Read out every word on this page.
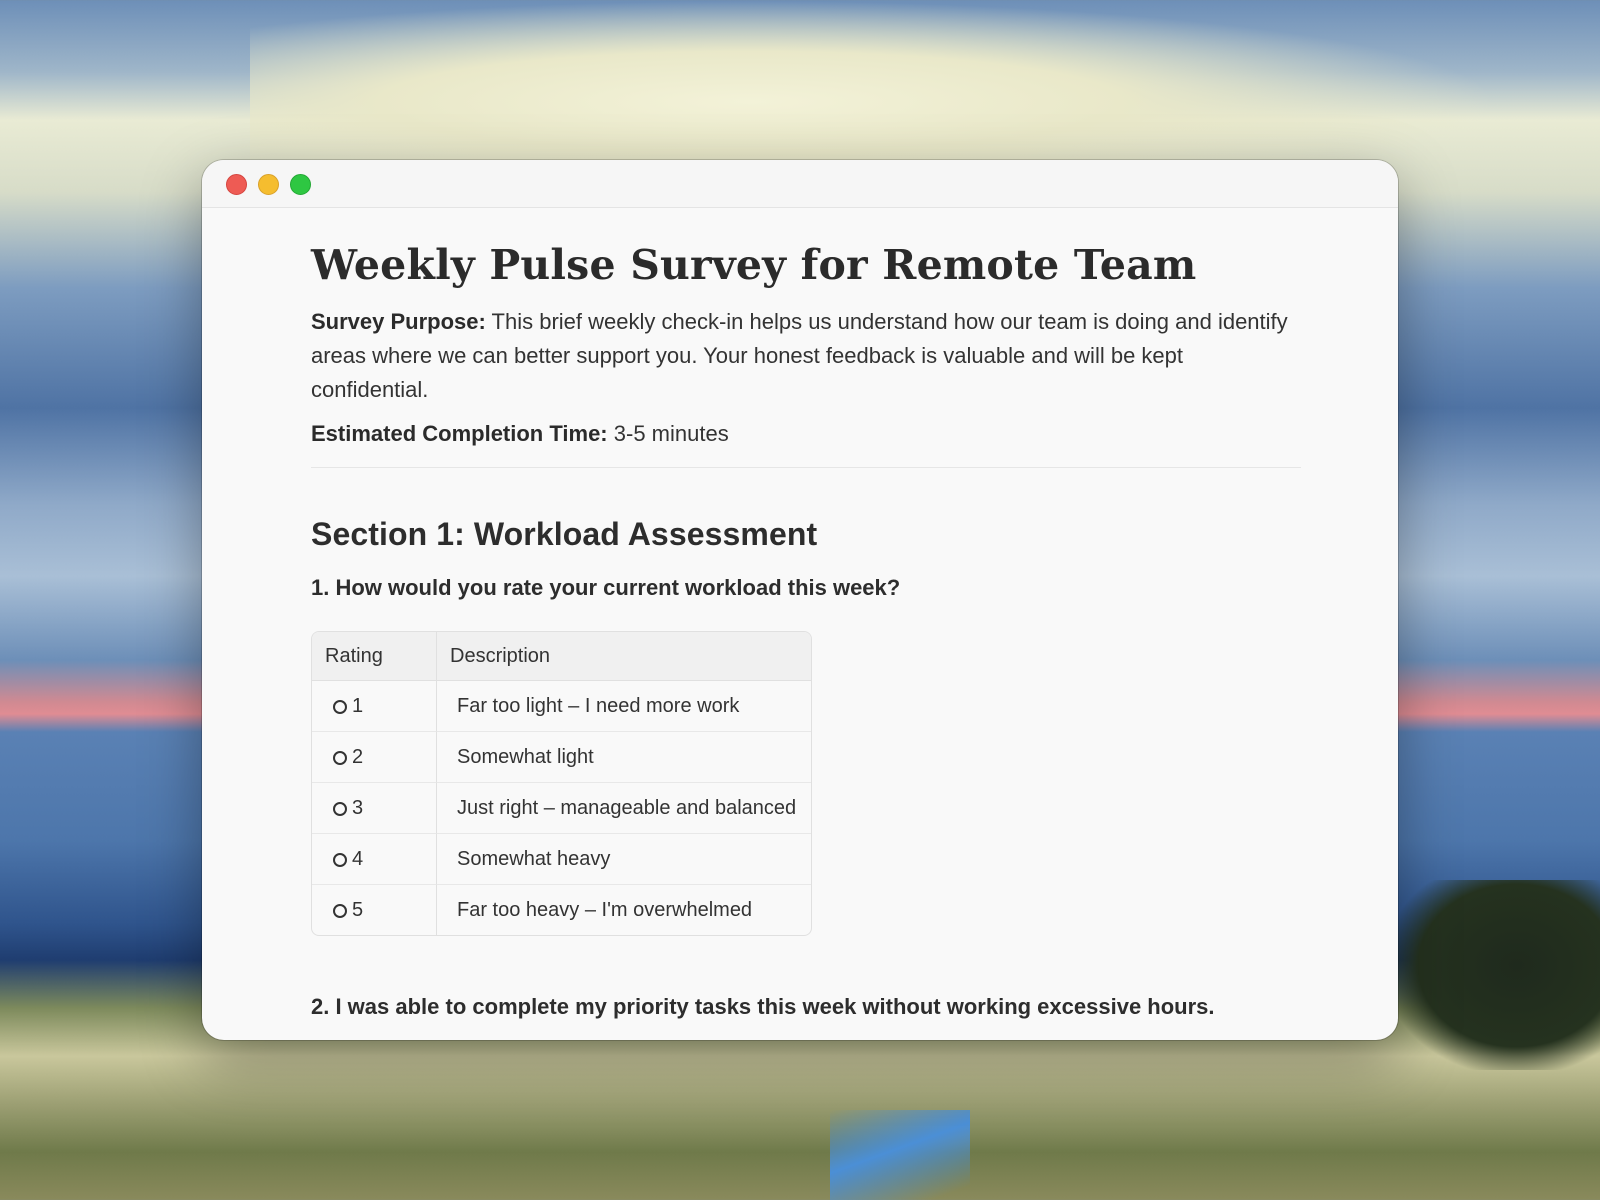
Weekly Pulse Survey for Remote Team

Survey Purpose: This brief weekly check-in helps us understand how our team is doing and identify areas where we can better support you. Your honest feedback is valuable and will be kept confidential.

Estimated Completion Time: 3-5 minutes

Section 1: Workload Assessment

1. How would you rate your current workload this week?

Rating	Description
1	Far too light – I need more work
2	Somewhat light
3	Just right – manageable and balanced
4	Somewhat heavy
5	Far too heavy – I'm overwhelmed

2. I was able to complete my priority tasks this week without working excessive hours.
